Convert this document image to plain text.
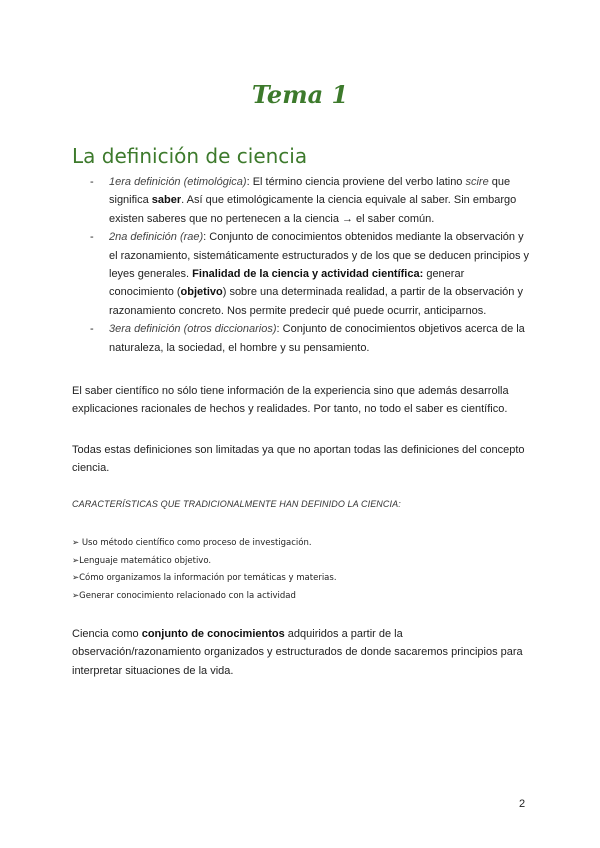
Tema 1
La definición de ciencia
- 1era definición (etimológica): El término ciencia proviene del verbo latino scire que significa saber. Así que etimológicamente la ciencia equivale al saber. Sin embargo existen saberes que no pertenecen a la ciencia → el saber común.
- 2na definición (rae): Conjunto de conocimientos obtenidos mediante la observación y el razonamiento, sistemáticamente estructurados y de los que se deducen principios y leyes generales. Finalidad de la ciencia y actividad científica: generar conocimiento (objetivo) sobre una determinada realidad, a partir de la observación y razonamiento concreto. Nos permite predecir qué puede ocurrir, anticiparnos.
- 3era definición (otros diccionarios): Conjunto de conocimientos objetivos acerca de la naturaleza, la sociedad, el hombre y su pensamiento.

El saber científico no sólo tiene información de la experiencia sino que además desarrolla explicaciones racionales de hechos y realidades. Por tanto, no todo el saber es científico.

Todas estas definiciones son limitadas ya que no aportan todas las definiciones del concepto ciencia.

CARACTERÍSTICAS QUE TRADICIONALMENTE HAN DEFINIDO LA CIENCIA:

➢ Uso método científico como proceso de investigación.
➢Lenguaje matemático objetivo.
➢Cómo organizamos la información por temáticas y materias.
➢Generar conocimiento relacionado con la actividad

Ciencia como conjunto de conocimientos adquiridos a partir de la observación/razonamiento organizados y estructurados de donde sacaremos principios para interpretar situaciones de la vida.

2
